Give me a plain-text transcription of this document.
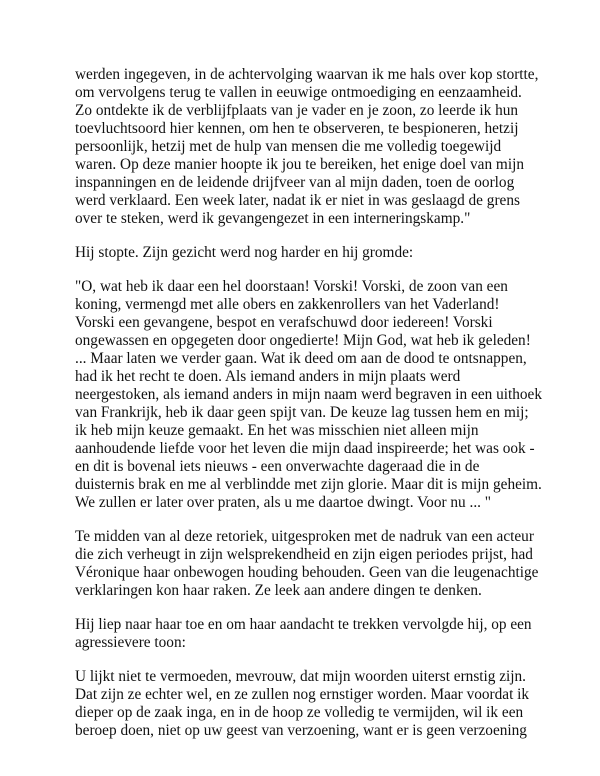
werden ingegeven, in de achtervolging waarvan ik me hals over kop stortte,
om vervolgens terug te vallen in eeuwige ontmoediging en eenzaamheid.
Zo ontdekte ik de verblijfplaats van je vader en je zoon, zo leerde ik hun
toevluchtsoord hier kennen, om hen te observeren, te bespioneren, hetzij
persoonlijk, hetzij met de hulp van mensen die me volledig toegewijd
waren. Op deze manier hoopte ik jou te bereiken, het enige doel van mijn
inspanningen en de leidende drijfveer van al mijn daden, toen de oorlog
werd verklaard. Een week later, nadat ik er niet in was geslaagd de grens
over te steken, werd ik gevangengezet in een interneringskamp."

Hij stopte. Zijn gezicht werd nog harder en hij gromde:

"O, wat heb ik daar een hel doorstaan! Vorski! Vorski, de zoon van een
koning, vermengd met alle obers en zakkenrollers van het Vaderland!
Vorski een gevangene, bespot en verafschuwd door iedereen! Vorski
ongewassen en opgegeten door ongedierte! Mijn God, wat heb ik geleden!
... Maar laten we verder gaan. Wat ik deed om aan de dood te ontsnappen,
had ik het recht te doen. Als iemand anders in mijn plaats werd
neergestoken, als iemand anders in mijn naam werd begraven in een uithoek
van Frankrijk, heb ik daar geen spijt van. De keuze lag tussen hem en mij;
ik heb mijn keuze gemaakt. En het was misschien niet alleen mijn
aanhoudende liefde voor het leven die mijn daad inspireerde; het was ook -
en dit is bovenal iets nieuws - een onverwachte dageraad die in de
duisternis brak en me al verblindde met zijn glorie. Maar dit is mijn geheim.
We zullen er later over praten, als u me daartoe dwingt. Voor nu ... "

Te midden van al deze retoriek, uitgesproken met de nadruk van een acteur
die zich verheugt in zijn welsprekendheid en zijn eigen periodes prijst, had
Véronique haar onbewogen houding behouden. Geen van die leugenachtige
verklaringen kon haar raken. Ze leek aan andere dingen te denken.

Hij liep naar haar toe en om haar aandacht te trekken vervolgde hij, op een
agressievere toon:

U lijkt niet te vermoeden, mevrouw, dat mijn woorden uiterst ernstig zijn.
Dat zijn ze echter wel, en ze zullen nog ernstiger worden. Maar voordat ik
dieper op de zaak inga, en in de hoop ze volledig te vermijden, wil ik een
beroep doen, niet op uw geest van verzoening, want er is geen verzoening
